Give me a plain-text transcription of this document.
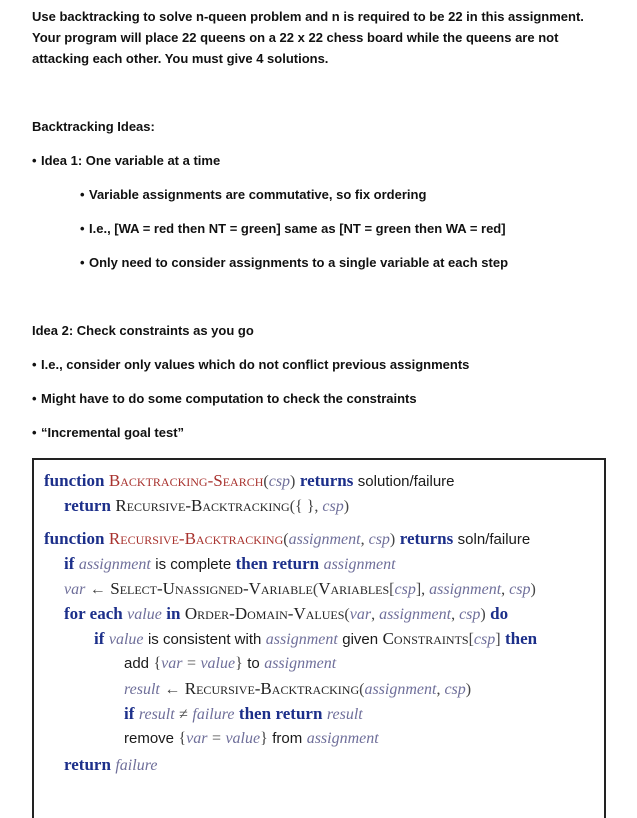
Use backtracking to solve n-queen problem and n is required to be 22 in this assignment.

Your program will place 22 queens on a 22 x 22 chess board while the queens are not

attacking each other. You must give 4 solutions.

Backtracking Ideas:

• Idea 1: One variable at a time

• Variable assignments are commutative, so fix ordering

• I.e., [WA = red then NT = green] same as [NT = green then WA = red]

• Only need to consider assignments to a single variable at each step

Idea 2: Check constraints as you go

• I.e., consider only values which do not conflict previous assignments

• Might have to do some computation to check the constraints

• “Incremental goal test”

function Backtracking-Search(csp) returns solution/failure
return Recursive-Backtracking({ }, csp)
function Recursive-Backtracking(assignment, csp) returns soln/failure
if assignment is complete then return assignment
var ← Select-Unassigned-Variable(Variables[csp], assignment, csp)
for each value in Order-Domain-Values(var, assignment, csp) do
if value is consistent with assignment given Constraints[csp] then
add {var = value} to assignment
result ← Recursive-Backtracking(assignment, csp)
if result ≠ failure then return result
remove {var = value} from assignment
return failure
